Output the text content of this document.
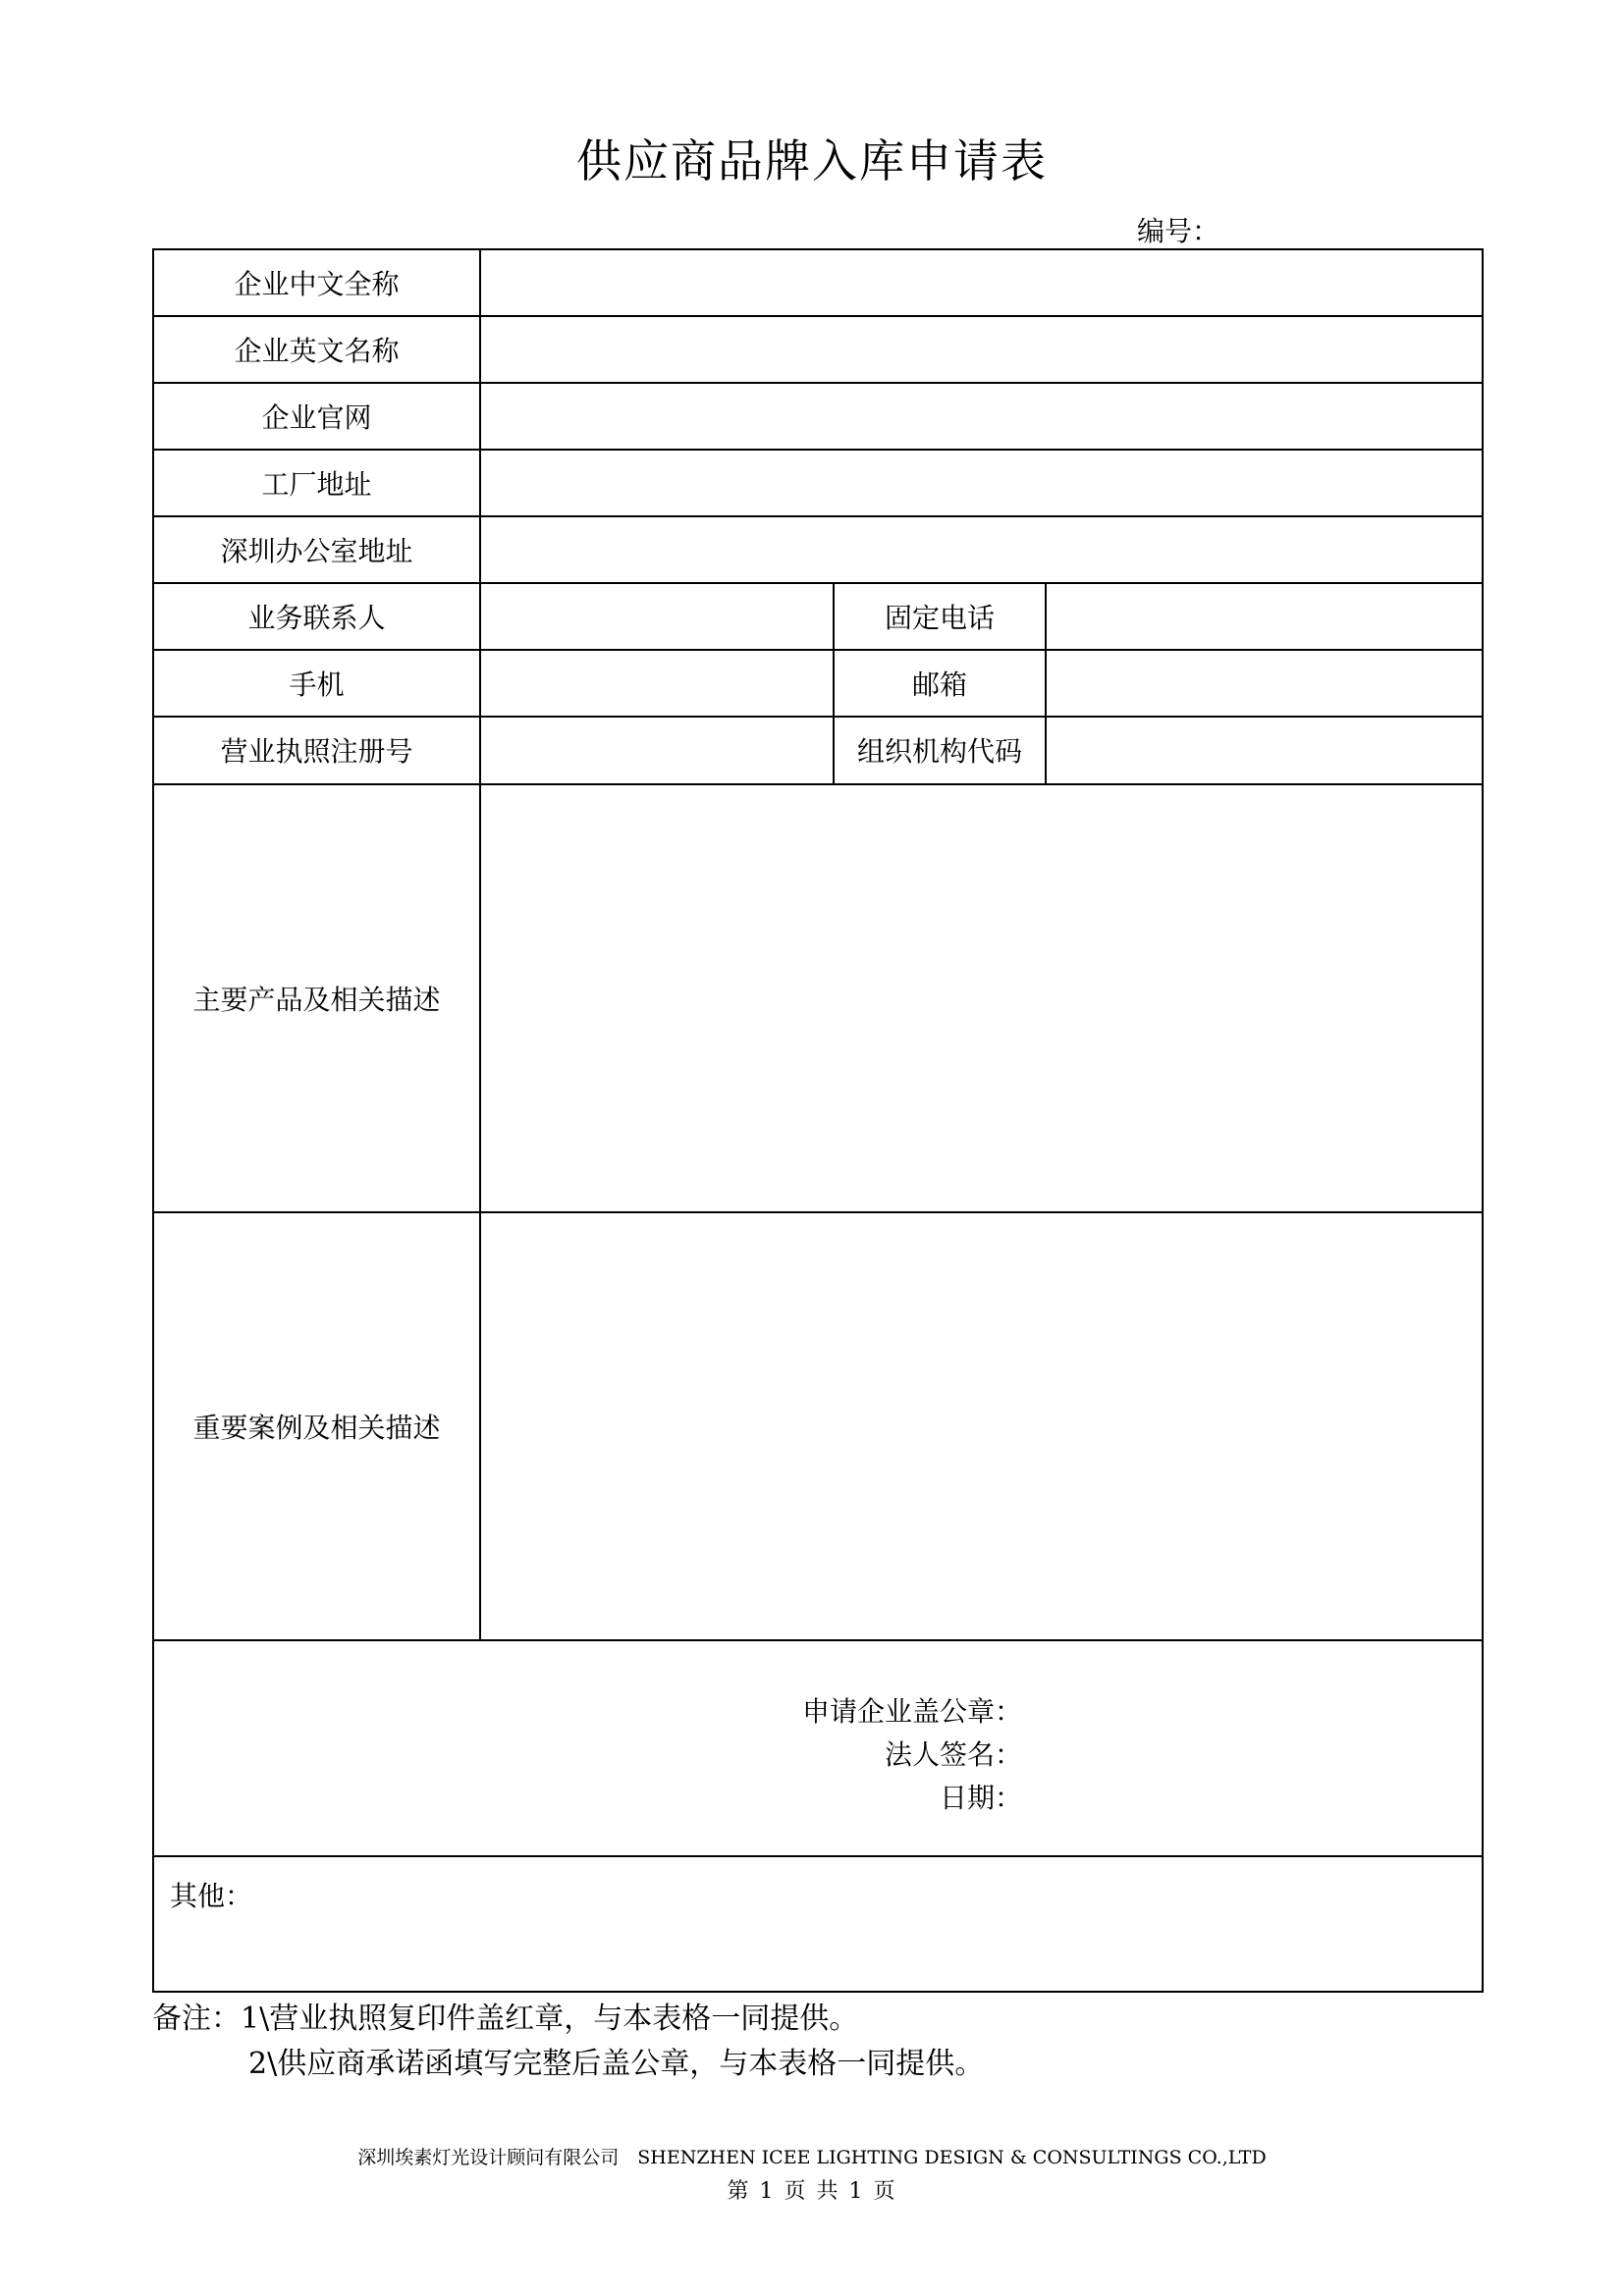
供应商品牌入库申请表
编号：
企业中文全称			
企业英文名称			
企业官网			
工厂地址			
深圳办公室地址			
业务联系人		固定电话	
手机		邮箱	
营业执照注册号		组织机构代码	
主要产品及相关描述			
重要案例及相关描述			

申请企业盖公章：
法人签名：
日期：			

其他：			
备注：1\营业执照复印件盖红章，与本表格一同提供。
2\供应商承诺函填写完整后盖公章，与本表格一同提供。
深圳埃素灯光设计顾问有限公司　SHENZHEN ICEE LIGHTING DESIGN & CONSULTINGS CO.,LTD
第 1 页 共 1 页
